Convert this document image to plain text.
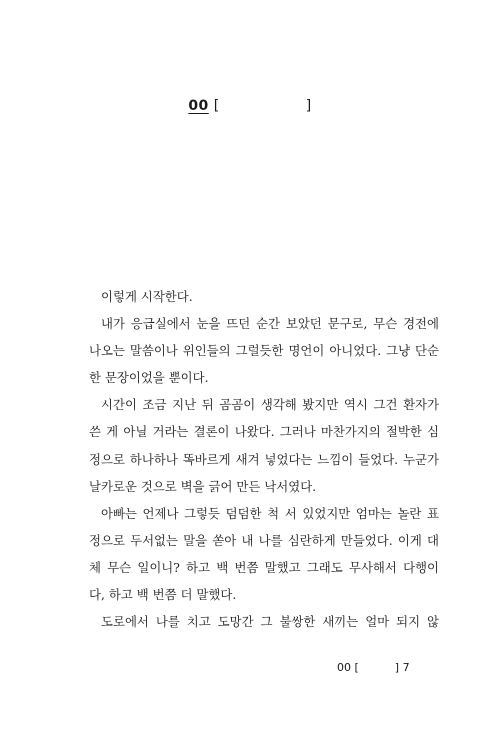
00 [	]
이렇게 시작한다.
내가 응급실에서 눈을 뜨던 순간 보았던 문구로, 무슨 경전에
나오는 말씀이나 위인들의 그럴듯한 명언이 아니었다. 그냥 단순
한 문장이었을 뿐이다.
시간이 조금 지난 뒤 곰곰이 생각해 봤지만 역시 그건 환자가
쓴 게 아닐 거라는 결론이 나왔다. 그러나 마찬가지의 절박한 심
정으로 하나하나 똑바르게 새겨 넣었다는 느낌이 들었다. 누군가
날카로운 것으로 벽을 긁어 만든 낙서였다.
아빠는 언제나 그렇듯 덤덤한 척 서 있었지만 엄마는 놀란 표
정으로 두서없는 말을 쏟아 내 나를 심란하게 만들었다. 이게 대
체 무슨 일이니? 하고 백 번쯤 말했고 그래도 무사해서 다행이
다, 하고 백 번쯤 더 말했다.
도로에서 나를 치고 도망간 그 불쌍한 새끼는 얼마 되지 않
00 [	] 7
